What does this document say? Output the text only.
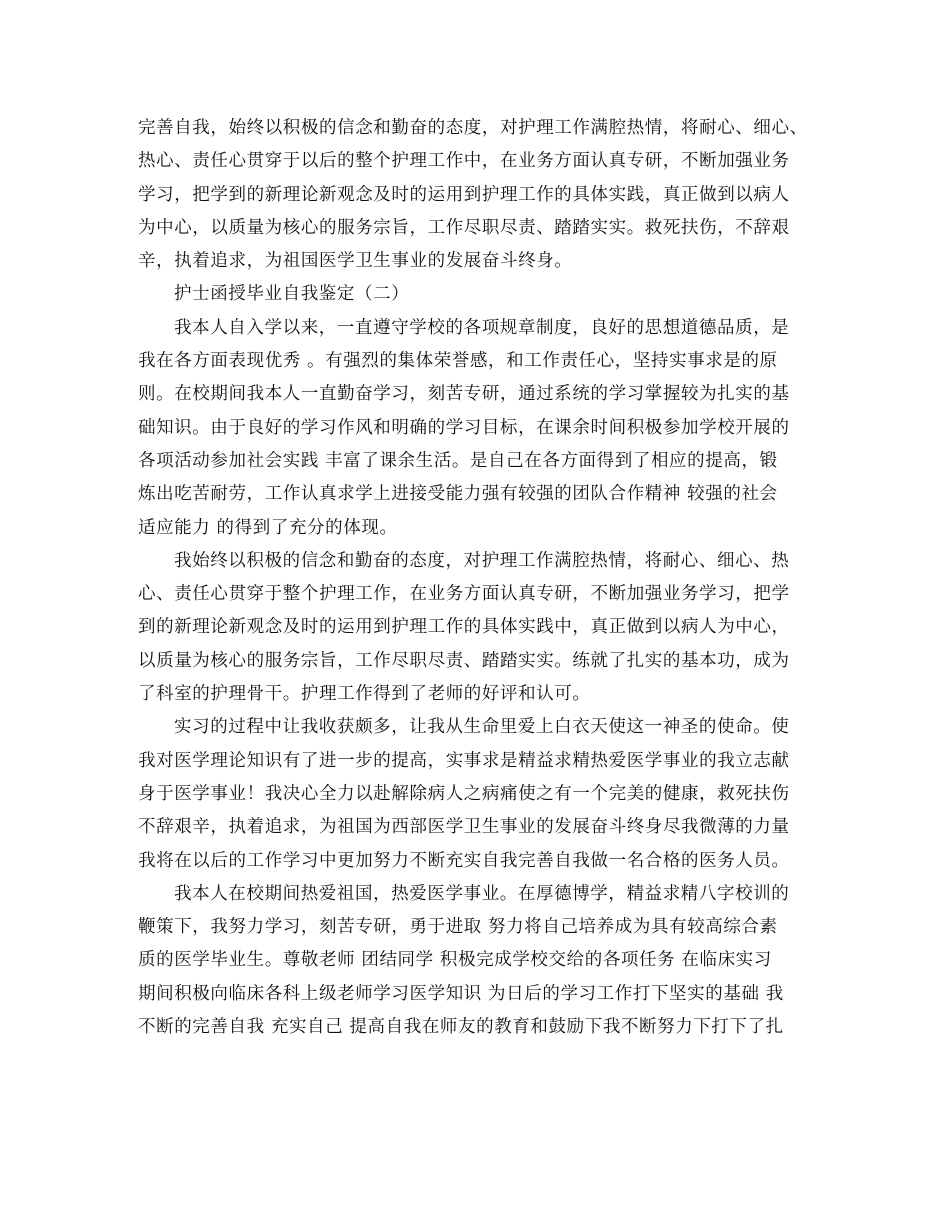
完善自我，始终以积极的信念和勤奋的态度，对护理工作满腔热情，将耐心、细心、
热心、责任心贯穿于以后的整个护理工作中，在业务方面认真专研，不断加强业务
学习，把学到的新理论新观念及时的运用到护理工作的具体实践，真正做到以病人
为中心，以质量为核心的服务宗旨，工作尽职尽责、踏踏实实。救死扶伤，不辞艰
辛，执着追求，为祖国医学卫生事业的发展奋斗终身。
护士函授毕业自我鉴定（二）
我本人自入学以来，一直遵守学校的各项规章制度，良好的思想道德品质，是
我在各方面表现优秀 。有强烈的集体荣誉感，和工作责任心，坚持实事求是的原
则。在校期间我本人一直勤奋学习，刻苦专研，通过系统的学习掌握较为扎实的基
础知识。由于良好的学习作风和明确的学习目标，在课余时间积极参加学校开展的
各项活动参加社会实践 丰富了课余生活。是自己在各方面得到了相应的提高，锻
炼出吃苦耐劳，工作认真求学上进接受能力强有较强的团队合作精神 较强的社会
适应能力 的得到了充分的体现。
我始终以积极的信念和勤奋的态度，对护理工作满腔热情，将耐心、细心、热
心、责任心贯穿于整个护理工作，在业务方面认真专研，不断加强业务学习，把学
到的新理论新观念及时的运用到护理工作的具体实践中，真正做到以病人为中心，
以质量为核心的服务宗旨，工作尽职尽责、踏踏实实。练就了扎实的基本功，成为
了科室的护理骨干。护理工作得到了老师的好评和认可。
实习的过程中让我收获颇多，让我从生命里爱上白衣天使这一神圣的使命。使
我对医学理论知识有了进一步的提高，实事求是精益求精热爱医学事业的我立志献
身于医学事业！我决心全力以赴解除病人之病痛使之有一个完美的健康，救死扶伤
不辞艰辛，执着追求，为祖国为西部医学卫生事业的发展奋斗终身尽我微薄的力量
我将在以后的工作学习中更加努力不断充实自我完善自我做一名合格的医务人员。
我本人在校期间热爱祖国，热爱医学事业。在厚德博学，精益求精八字校训的
鞭策下，我努力学习，刻苦专研，勇于进取 努力将自己培养成为具有较高综合素
质的医学毕业生。尊敬老师 团结同学 积极完成学校交给的各项任务 在临床实习
期间积极向临床各科上级老师学习医学知识 为日后的学习工作打下坚实的基础 我
不断的完善自我 充实自己 提高自我在师友的教育和鼓励下我不断努力下打下了扎
